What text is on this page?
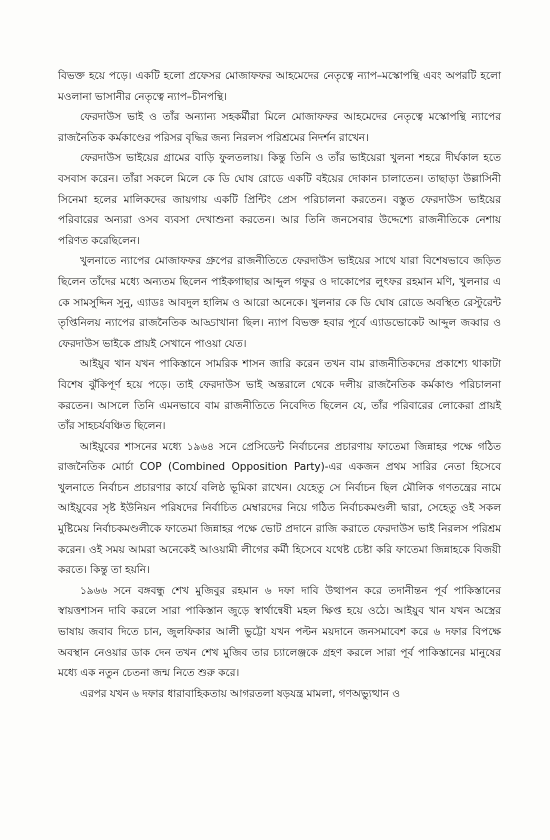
বিভক্ত হয়ে পড়ে। একটি হলো প্রফেসর মোজাফফর আহমেদের নেতৃত্বে ন্যাপ–মস্কোপন্থি এবং অপরটি হলো মওলানা ভাসানীর নেতৃত্বে ন্যাপ–চীনপন্থি।

ফেরদাউস ভাই ও তাঁর অন্যান্য সহকর্মীরা মিলে মোজাফফর আহমেদের নেতৃত্বে মস্কোপন্থি ন্যাপের রাজনৈতিক কর্মকাণ্ডের পরিসর বৃদ্ধির জন্য নিরলস পরিশ্রমের নিদর্শন রাখেন।

ফেরদাউস ভাইয়ের গ্রামের বাড়ি ফুলতলায়। কিন্তু তিনি ও তাঁর ভাইয়েরা খুলনা শহরে দীর্ঘকাল হতে বসবাস করেন। তাঁরা সকলে মিলে কে ডি ঘোষ রোডে একটি বইয়ের দোকান চালাতেন। তাছাড়া উল্লাসিনী সিনেমা হলের মালিকদের জায়গায় একটি প্রিন্টিং প্রেস পরিচালনা করতেন। বস্তুত ফেরদাউস ভাইয়ের পরিবারের অন্যরা ওসব ব্যবসা দেখাশুনা করতেন। আর তিনি জনসেবার উদ্দেশ্যে রাজনীতিকে নেশায় পরিণত করেছিলেন।

খুলনাতে ন্যাপের মোজাফফর গ্রুপের রাজনীতিতে ফেরদাউস ভাইয়ের সাথে যারা বিশেষভাবে জড়িত ছিলেন তাঁদের মধ্যে অন্যতম ছিলেন পাইকগাছার আব্দুল গফুর ও দাকোপের লুৎফর রহমান মণি, খুলনার এ কে সামসুদ্দিন সুনু, এ্যাডঃ আবদুল হালিম ও আরো অনেকে। খুলনার কে ডি ঘোষ রোডে অবস্থিত রেস্টুরেন্ট তৃপ্তিনিলয় ন্যাপের রাজনৈতিক আড্ডাখানা ছিল। ন্যাপ বিভক্ত হবার পূর্বে এ্যাডভোকেট আব্দুল জব্বার ও ফেরদাউস ভাইকে প্রায়ই সেখানে পাওয়া যেত।

আইয়ুব খান যখন পাকিস্তানে সামরিক শাসন জারি করেন তখন বাম রাজনীতিকদের প্রকাশ্যে থাকাটা বিশেষ ঝুঁকিপূর্ণ হয়ে পড়ে। তাই ফেরদাউস ভাই অন্তরালে থেকে দলীয় রাজনৈতিক কর্মকাণ্ড পরিচালনা করতেন। আসলে তিনি এমনভাবে বাম রাজনীতিতে নিবেদিত ছিলেন যে, তাঁর পরিবারের লোকেরা প্রায়ই তাঁর সাহচর্যবঞ্চিত ছিলেন।

আইয়ুবের শাসনের মধ্যে ১৯৬৪ সনে প্রেসিডেন্ট নির্বাচনের প্রচারণায় ফাতেমা জিন্নাহর পক্ষে গঠিত রাজনৈতিক মোর্চা COP (Combined Opposition Party)-এর একজন প্রথম সারির নেতা হিসেবে খুলনাতে নির্বাচন প্রচারণার কার্যে বলিষ্ঠ ভূমিকা রাখেন। যেহেতু সে নির্বাচন ছিল মৌলিক গণতন্ত্রের নামে আইয়ুবের সৃষ্ট ইউনিয়ন পরিষদের নির্বাচিত মেম্বারদের নিয়ে গঠিত নির্বাচকমণ্ডলী দ্বারা, সেহেতু ওই সকল মুষ্টিমেয় নির্বাচকমণ্ডলীকে ফাতেমা জিন্নাহর পক্ষে ভোট প্রদানে রাজি করাতে ফেরদাউস ভাই নিরলস পরিশ্রম করেন। ওই সময় আমরা অনেকেই আওয়ামী লীগের কর্মী হিসেবে যথেষ্ট চেষ্টা করি ফাতেমা জিন্নাহকে বিজয়ী করতে। কিন্তু তা হয়নি।

১৯৬৬ সনে বঙ্গবন্ধু শেখ মুজিবুর রহমান ৬ দফা দাবি উত্থাপন করে তদানীন্তন পূর্ব পাকিস্তানের স্বায়ত্তশাসন দাবি করলে সারা পাকিস্তান জুড়ে স্বার্থান্বেষী মহল ক্ষিপ্ত হয়ে ওঠে। আইয়ুব খান যখন অস্ত্রের ভাষায় জবাব দিতে চান, জুলফিকার আলী ভুট্টো যখন পল্টন ময়দানে জনসমাবেশ করে ৬ দফার বিপক্ষে অবস্থান নেওয়ার ডাক দেন তখন শেখ মুজিব তার চ্যালেঞ্জকে গ্রহণ করলে সারা পূর্ব পাকিস্তানের মানুষের মধ্যে এক নতুন চেতনা জন্ম নিতে শুরু করে।

এরপর যখন ৬ দফার ধারাবাহিকতায় আগরতলা ষড়যন্ত্র মামলা, গণঅভ্যুত্থান ও
